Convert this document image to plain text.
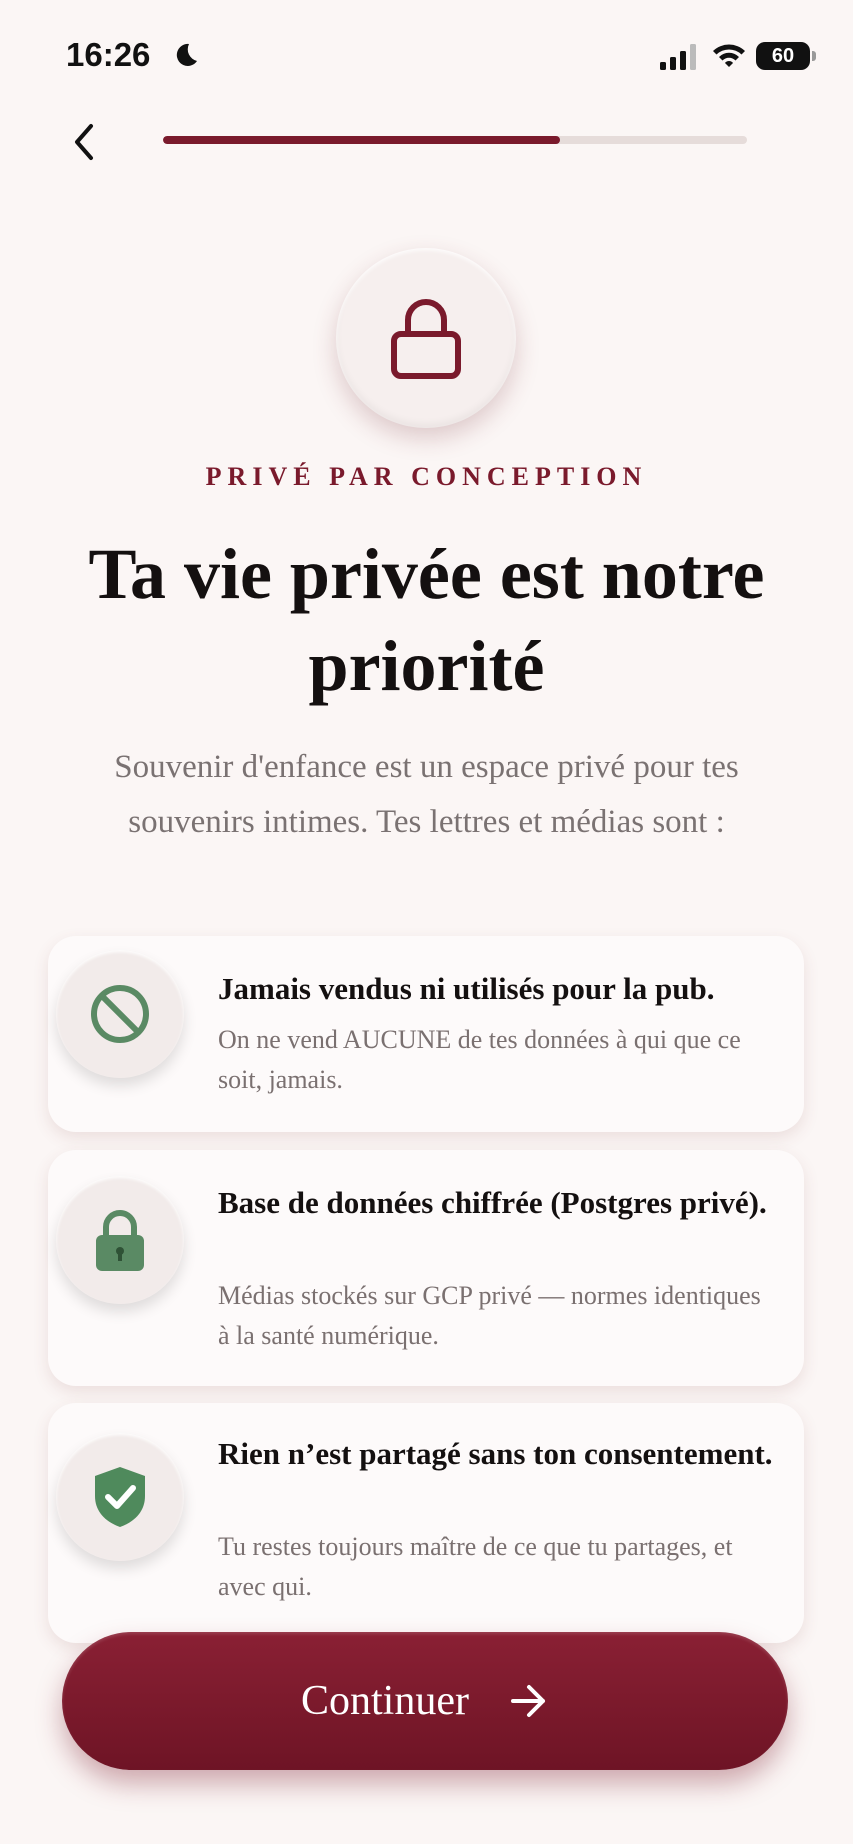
16:26	60
PRIVÉ PAR CONCEPTION
Ta vie privée est notre priorité

Souvenir d'enfance est un espace privé pour tes souvenirs intimes. Tes lettres et médias sont :

Jamais vendus ni utilisés pour la pub.
On ne vend AUCUNE de tes données à qui que ce soit, jamais.
Base de données chiffrée (Postgres privé).
Médias stockés sur GCP privé — normes identiques à la santé numérique.
Rien n’est partagé sans ton consentement.
Tu restes toujours maître de ce que tu partages, et avec qui.
Continuer
